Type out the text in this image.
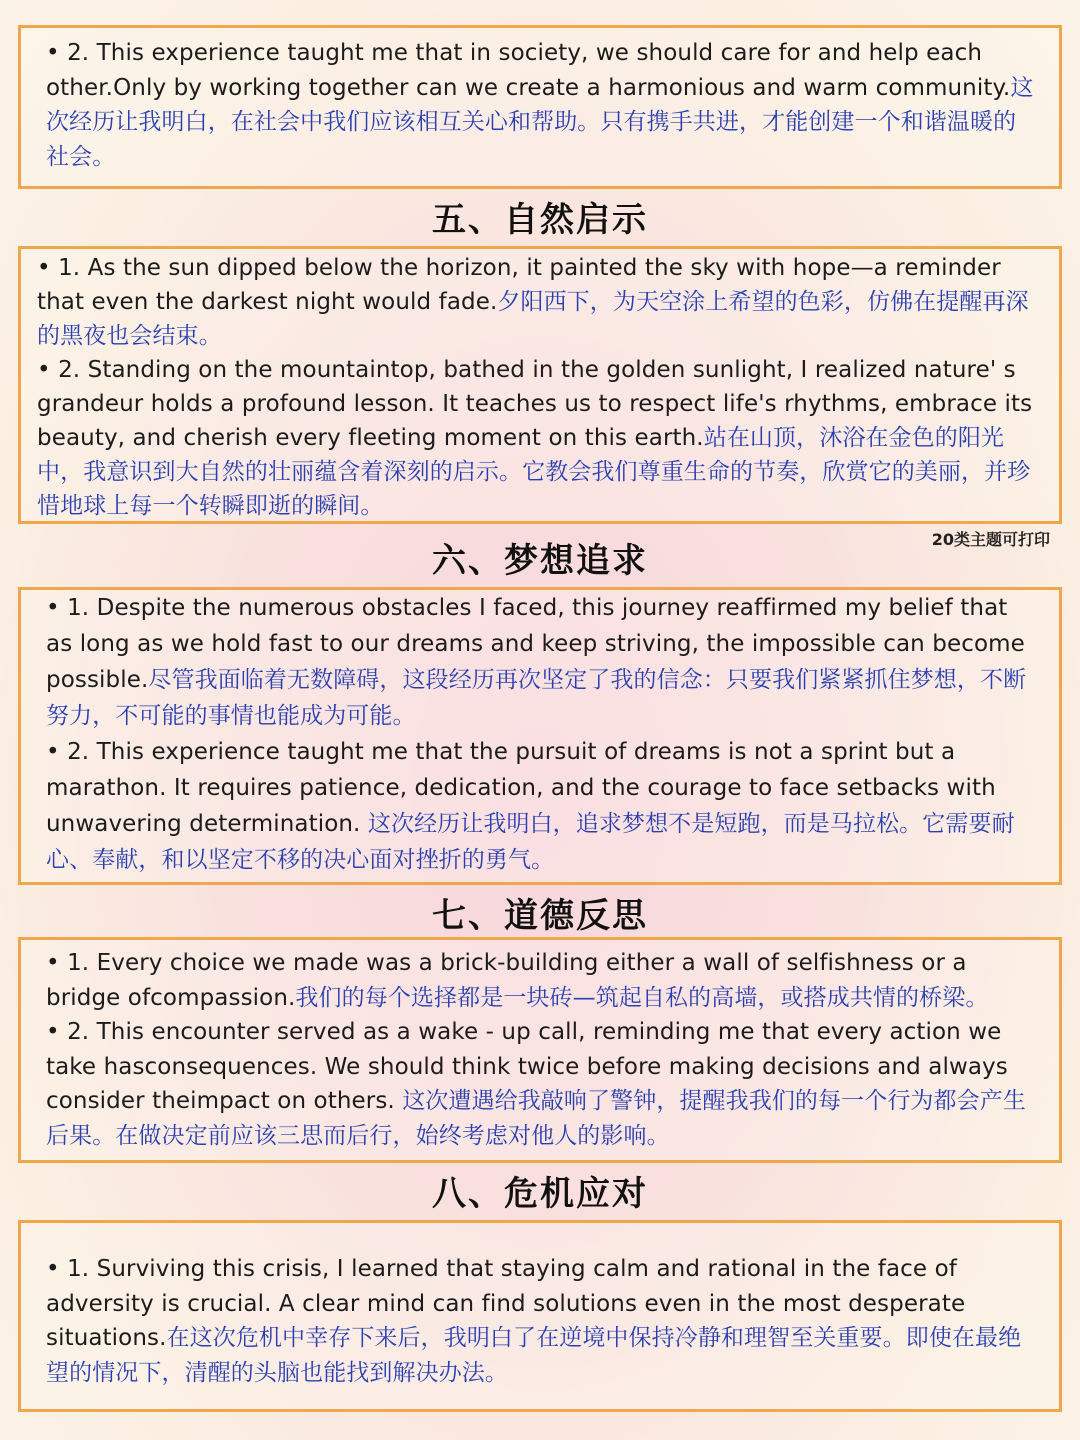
• 2. This experience taught me that in society, we should care for and help each other.Only by working together can we create a harmonious and warm community.这次经历让我明白，在社会中我们应该相互关心和帮助。只有携手共进，才能创建一个和谐温暖的社会。

五、自然启示

• 1. As the sun dipped below the horizon, it painted the sky with hope—a reminder that even the darkest night would fade.夕阳西下，为天空涂上希望的色彩，仿佛在提醒再深的黑夜也会结束。

• 2. Standing on the mountaintop, bathed in the golden sunlight, I realized nature' s grandeur holds a profound lesson. It teaches us to respect life's rhythms, embrace its beauty, and cherish every fleeting moment on this earth.站在山顶，沐浴在金色的阳光中，我意识到大自然的壮丽蕴含着深刻的启示。它教会我们尊重生命的节奏，欣赏它的美丽，并珍惜地球上每一个转瞬即逝的瞬间。

20类主题可打印
六、梦想追求

• 1. Despite the numerous obstacles I faced, this journey reaffirmed my belief that as long as we hold fast to our dreams and keep striving, the impossible can become possible.尽管我面临着无数障碍，这段经历再次坚定了我的信念：只要我们紧紧抓住梦想，不断努力，不可能的事情也能成为可能。

• 2. This experience taught me that the pursuit of dreams is not a sprint but a marathon. It requires patience, dedication, and the courage to face setbacks with unwavering determination. 这次经历让我明白，追求梦想不是短跑，而是马拉松。它需要耐心、奉献，和以坚定不移的决心面对挫折的勇气。

七、道德反思

• 1. Every choice we made was a brick-building either a wall of selfishness or a bridge ofcompassion.我们的每个选择都是一块砖—筑起自私的高墙，或搭成共情的桥梁。

• 2. This encounter served as a wake - up call, reminding me that every action we take hasconsequences. We should think twice before making decisions and always consider theimpact on others. 这次遭遇给我敲响了警钟，提醒我我们的每一个行为都会产生后果。在做决定前应该三思而后行，始终考虑对他人的影响。

八、危机应对

• 1. Surviving this crisis, I learned that staying calm and rational in the face of adversity is crucial. A clear mind can find solutions even in the most desperate situations.在这次危机中幸存下来后，我明白了在逆境中保持冷静和理智至关重要。即使在最绝望的情况下，清醒的头脑也能找到解决办法。
